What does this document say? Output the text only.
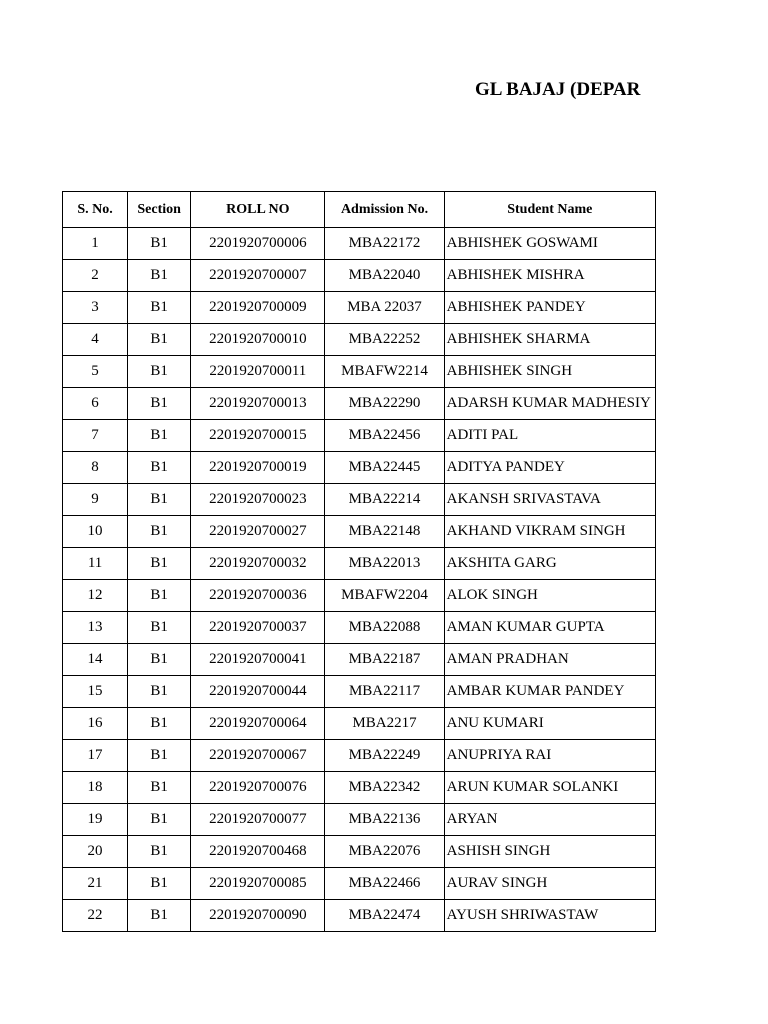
GL BAJAJ (DEPAR
S. No.	Section	ROLL NO	Admission No.	Student Name
1	B1	2201920700006	MBA22172	ABHISHEK GOSWAMI
2	B1	2201920700007	MBA22040	ABHISHEK MISHRA
3	B1	2201920700009	MBA 22037	ABHISHEK PANDEY
4	B1	2201920700010	MBA22252	ABHISHEK SHARMA
5	B1	2201920700011	MBAFW2214	ABHISHEK SINGH
6	B1	2201920700013	MBA22290	ADARSH KUMAR MADHESIY
7	B1	2201920700015	MBA22456	ADITI PAL
8	B1	2201920700019	MBA22445	ADITYA PANDEY
9	B1	2201920700023	MBA22214	AKANSH SRIVASTAVA
10	B1	2201920700027	MBA22148	AKHAND VIKRAM SINGH
11	B1	2201920700032	MBA22013	AKSHITA GARG
12	B1	2201920700036	MBAFW2204	ALOK SINGH
13	B1	2201920700037	MBA22088	AMAN KUMAR GUPTA
14	B1	2201920700041	MBA22187	AMAN PRADHAN
15	B1	2201920700044	MBA22117	AMBAR KUMAR PANDEY
16	B1	2201920700064	MBA2217	ANU KUMARI
17	B1	2201920700067	MBA22249	ANUPRIYA RAI
18	B1	2201920700076	MBA22342	ARUN KUMAR SOLANKI
19	B1	2201920700077	MBA22136	ARYAN
20	B1	2201920700468	MBA22076	ASHISH SINGH
21	B1	2201920700085	MBA22466	AURAV SINGH
22	B1	2201920700090	MBA22474	AYUSH SHRIWASTAW
